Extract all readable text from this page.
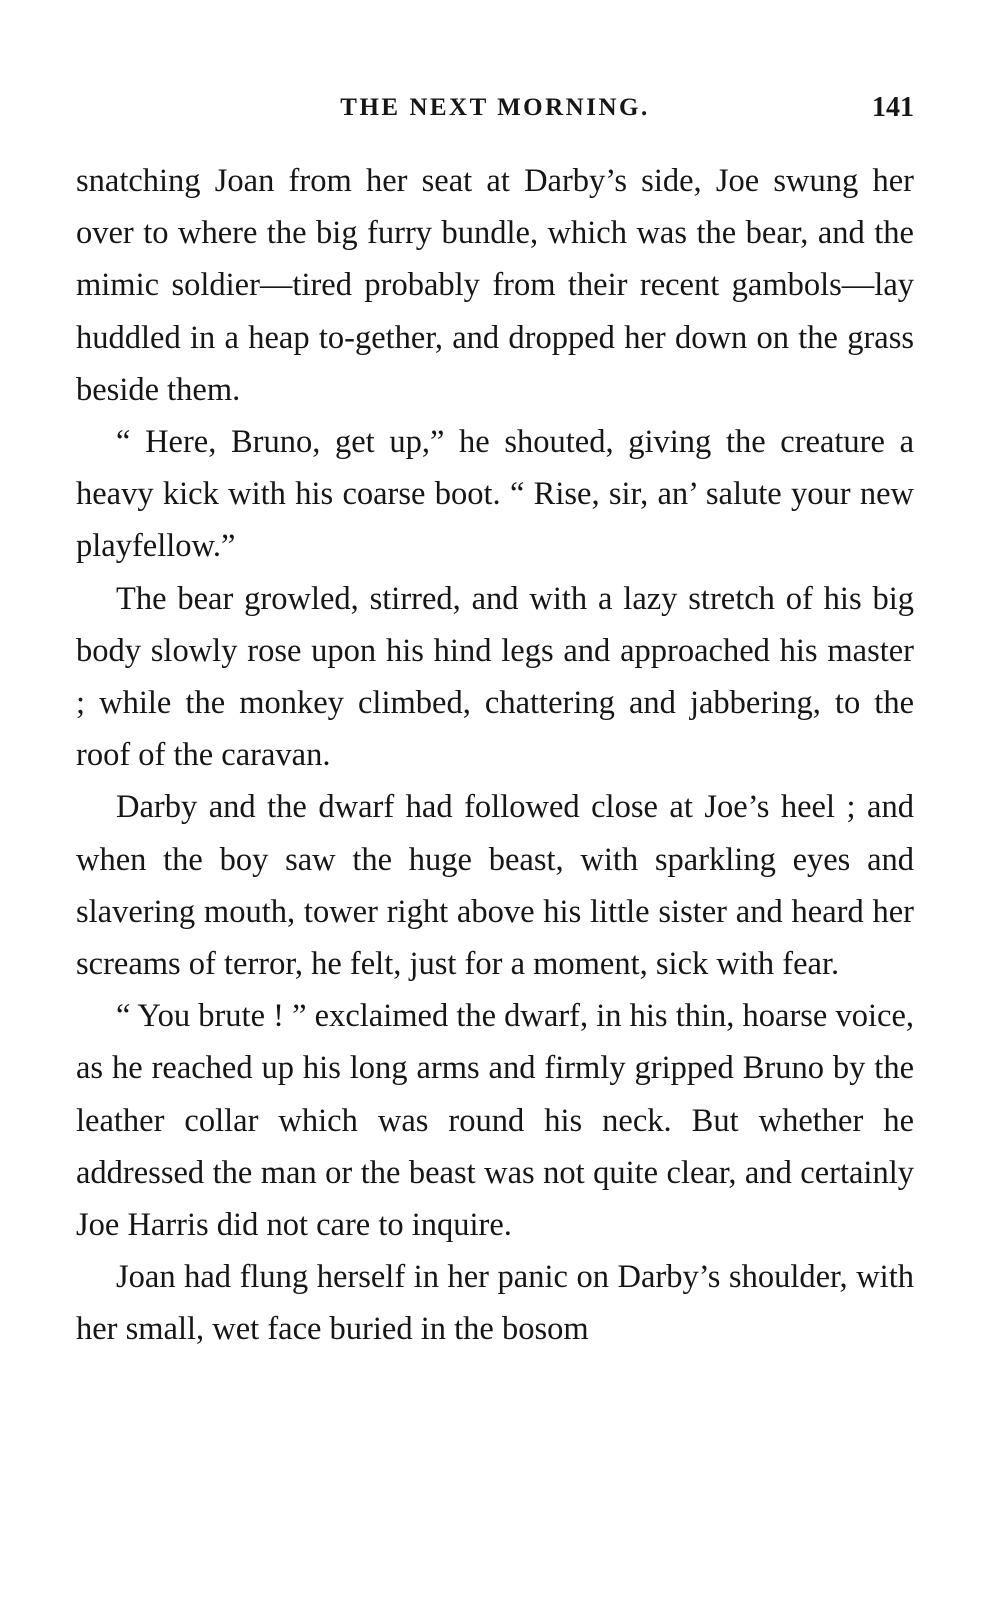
THE NEXT MORNING.	141

snatching Joan from her seat at Darby’s side, Joe swung her over to where the big furry bundle, which was the bear, and the mimic soldier—tired probably from their recent gambols—lay huddled in a heap to-gether, and dropped her down on the grass beside them.

“ Here, Bruno, get up,” he shouted, giving the creature a heavy kick with his coarse boot. “ Rise, sir, an’ salute your new playfellow.”

The bear growled, stirred, and with a lazy stretch of his big body slowly rose upon his hind legs and approached his master ; while the monkey climbed, chattering and jabbering, to the roof of the caravan.

Darby and the dwarf had followed close at Joe’s heel ; and when the boy saw the huge beast, with sparkling eyes and slavering mouth, tower right above his little sister and heard her screams of terror, he felt, just for a moment, sick with fear.

“ You brute ! ” exclaimed the dwarf, in his thin, hoarse voice, as he reached up his long arms and firmly gripped Bruno by the leather collar which was round his neck. But whether he addressed the man or the beast was not quite clear, and certainly Joe Harris did not care to inquire.

Joan had flung herself in her panic on Darby’s shoulder, with her small, wet face buried in the bosom
